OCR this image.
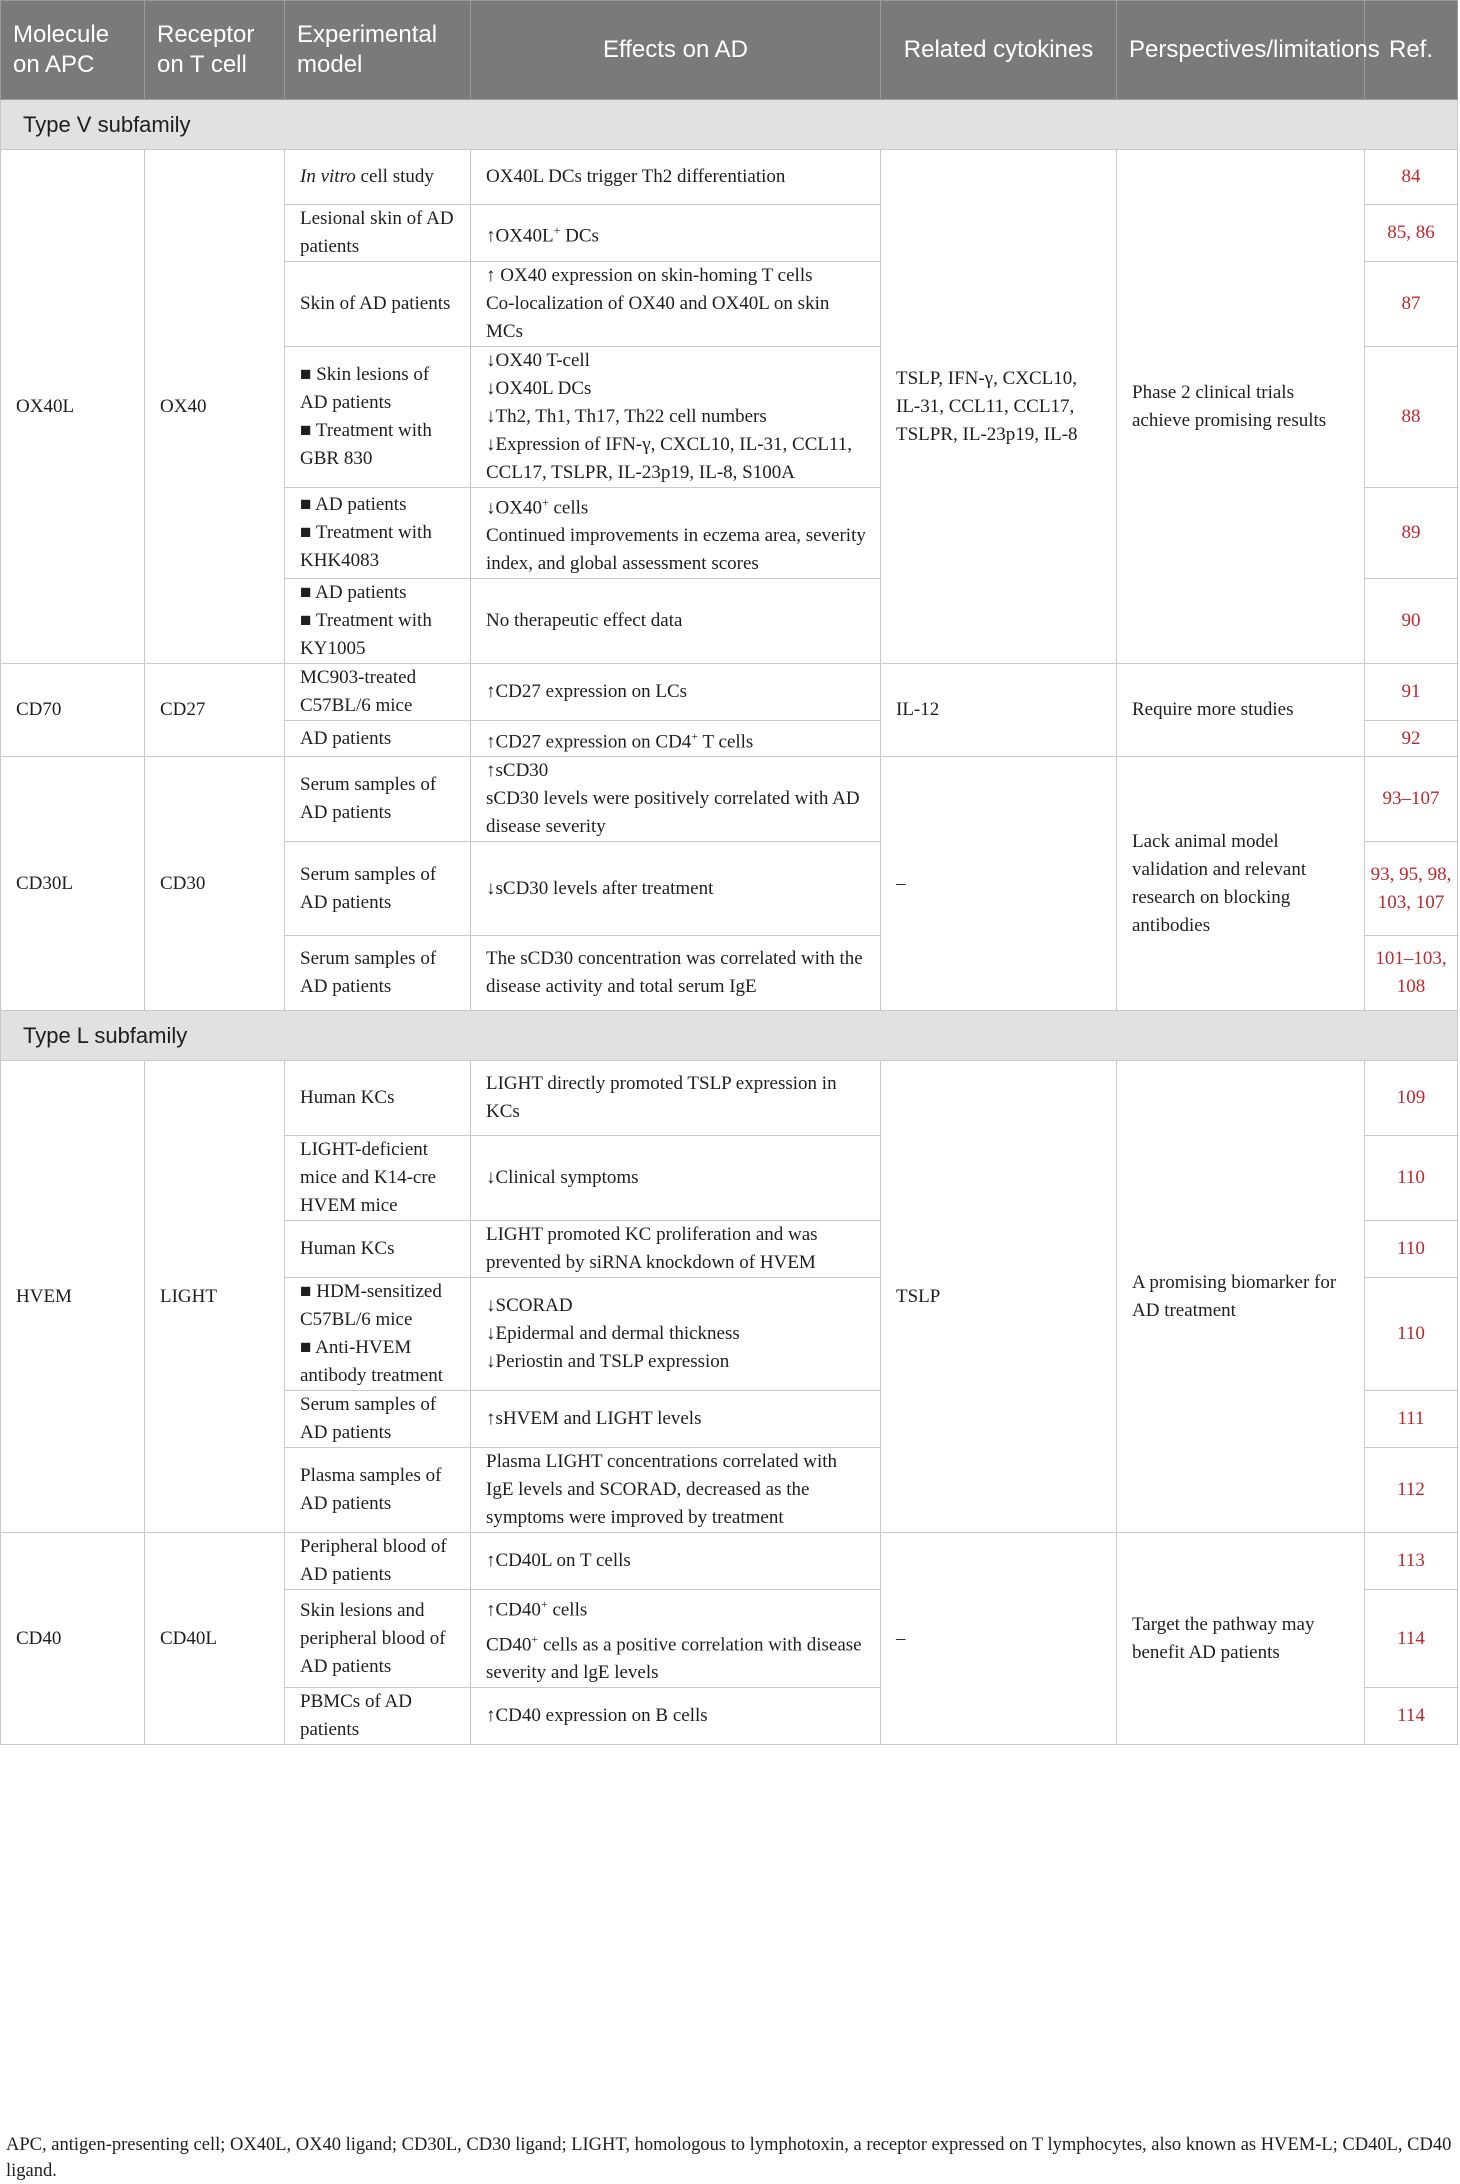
Molecule on APC	Receptor on T cell	Experimental model	Effects on AD	Related cytokines	Perspectives/limitations	Ref.
Type V subfamily						
OX40L	OX40	In vitro cell study	OX40L DCs trigger Th2 differentiation	TSLP, IFN-γ, CXCL10, IL-31, CCL11, CCL17, TSLPR, IL-23p19, IL-8	Phase 2 clinical trials achieve promising results	84

		Lesional skin of AD patients	↑OX40L+ DCs			85, 86

		Skin of AD patients	↑ OX40 expression on skin-homing T cells
Co-localization of OX40 and OX40L on skin MCs			87

		■ Skin lesions of AD patients
■ Treatment with GBR 830	↓OX40 T-cell
↓OX40L DCs
↓Th2, Th1, Th17, Th22 cell numbers
↓Expression of IFN-γ, CXCL10, IL-31, CCL11, CCL17, TSLPR, IL-23p19, IL-8, S100A			88

		■ AD patients
■ Treatment with KHK4083	↓OX40+ cells
Continued improvements in eczema area, severity index, and global assessment scores			89

		■ AD patients
■ Treatment with KY1005	No therapeutic effect data			90
CD70	CD27	MC903-treated C57BL/6 mice	↑CD27 expression on LCs	IL-12	Require more studies	91

		AD patients	↑CD27 expression on CD4+ T cells			92
CD30L	CD30	Serum samples of AD patients	↑sCD30
sCD30 levels were positively correlated with AD disease severity	–	Lack animal model validation and relevant research on blocking antibodies	93–107

		Serum samples of AD patients	↓sCD30 levels after treatment			93, 95, 98, 103, 107

		Serum samples of AD patients	The sCD30 concentration was correlated with the disease activity and total serum IgE			101–103, 108
Type L subfamily						
HVEM	LIGHT	Human KCs	LIGHT directly promoted TSLP expression in KCs	TSLP	A promising biomarker for AD treatment	109

		LIGHT-deficient mice and K14-cre HVEM mice	↓Clinical symptoms			110

		Human KCs	LIGHT promoted KC proliferation and was prevented by siRNA knockdown of HVEM			110

		■ HDM-sensitized C57BL/6 mice
■ Anti-HVEM antibody treatment	↓SCORAD
↓Epidermal and dermal thickness
↓Periostin and TSLP expression			110

		Serum samples of AD patients	↑sHVEM and LIGHT levels			111

		Plasma samples of AD patients	Plasma LIGHT concentrations correlated with IgE levels and SCORAD, decreased as the symptoms were improved by treatment			112
CD40	CD40L	Peripheral blood of AD patients	↑CD40L on T cells	–	Target the pathway may benefit AD patients	113

		Skin lesions and peripheral blood of AD patients	↑CD40+ cells
CD40+ cells as a positive correlation with disease severity and lgE levels			114

		PBMCs of AD patients	↑CD40 expression on B cells			114
APC, antigen-presenting cell; OX40L, OX40 ligand; CD30L, CD30 ligand; LIGHT, homologous to lymphotoxin, a receptor expressed on T lymphocytes, also known as HVEM-L; CD40L, CD40 ligand.
